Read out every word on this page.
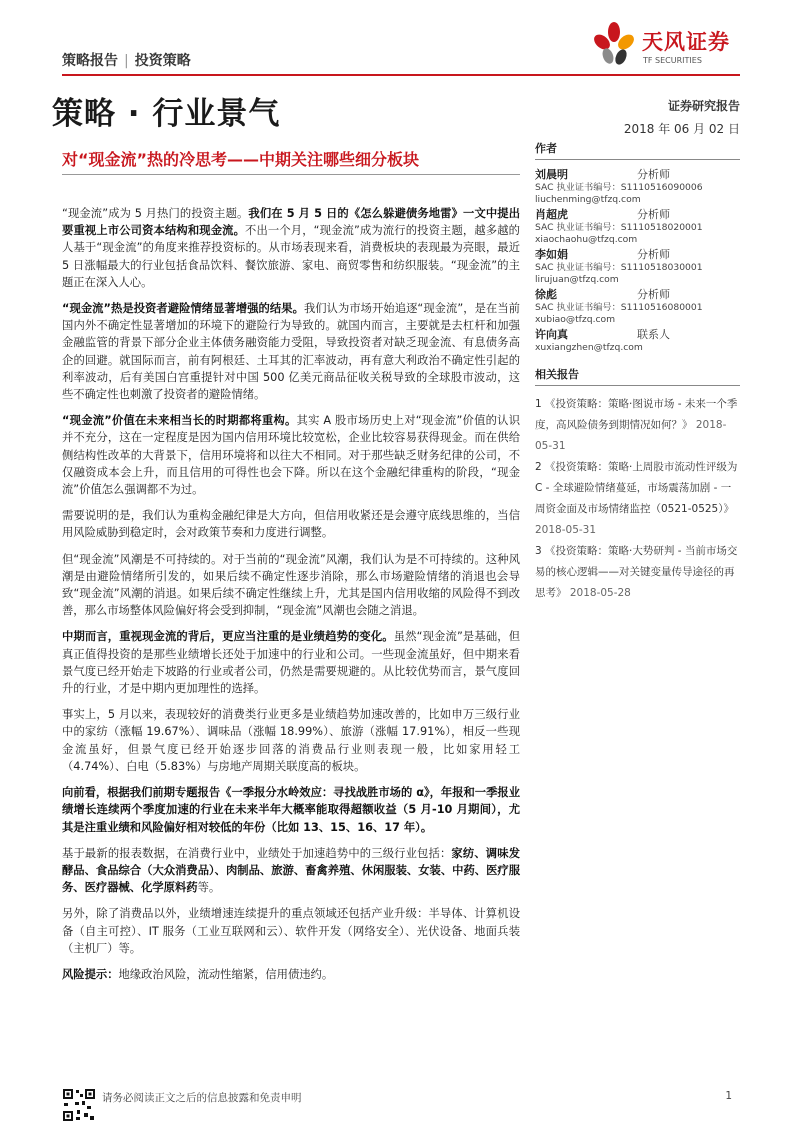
策略报告 | 投资策略
天风证券
TF SECURITIES
策略 · 行业景气	证券研究报告
2018 年 06 月 02 日
对“现金流”热的冷思考——中期关注哪些细分板块

“现金流”成为 5 月热门的投资主题。我们在 5 月 5 日的《怎么躲避债务地雷》一文中提出要重视上市公司资本结构和现金流。不出一个月，“现金流”成为流行的投资主题，越多越的人基于“现金流”的角度来推荐投资标的。从市场表现来看，消费板块的表现最为亮眼，最近 5 日涨幅最大的行业包括食品饮料、餐饮旅游、家电、商贸零售和纺织服装。“现金流”的主题正在深入人心。

“现金流”热是投资者避险情绪显著增强的结果。我们认为市场开始追逐“现金流”，是在当前国内外不确定性显著增加的环境下的避险行为导致的。就国内而言，主要就是去杠杆和加强金融监管的背景下部分企业主体债务融资能力受阻，导致投资者对缺乏现金流、有息债务高企的回避。就国际而言，前有阿根廷、土耳其的汇率波动，再有意大利政治不确定性引起的利率波动，后有美国白宫重提针对中国 500 亿美元商品征收关税导致的全球股市波动，这些不确定性也刺激了投资者的避险情绪。

“现金流”价值在未来相当长的时期都将重构。其实 A 股市场历史上对“现金流”价值的认识并不充分，这在一定程度是因为国内信用环境比较宽松，企业比较容易获得现金。而在供给侧结构性改革的大背景下，信用环境将和以往大不相同。对于那些缺乏财务纪律的公司，不仅融资成本会上升，而且信用的可得性也会下降。所以在这个金融纪律重构的阶段，“现金流”价值怎么强调都不为过。

需要说明的是，我们认为重构金融纪律是大方向，但信用收紧还是会遵守底线思维的，当信用风险威胁到稳定时，会对政策节奏和力度进行调整。

但“现金流”风潮是不可持续的。对于当前的“现金流”风潮，我们认为是不可持续的。这种风潮是由避险情绪所引发的，如果后续不确定性逐步消除，那么市场避险情绪的消退也会导致“现金流”风潮的消退。如果后续不确定性继续上升，尤其是国内信用收缩的风险得不到改善，那么市场整体风险偏好将会受到抑制，“现金流”风潮也会随之消退。

中期而言，重视现金流的背后，更应当注重的是业绩趋势的变化。虽然“现金流”是基础，但真正值得投资的是那些业绩增长还处于加速中的行业和公司。一些现金流虽好，但中期来看景气度已经开始走下坡路的行业或者公司，仍然是需要规避的。从比较优势而言，景气度回升的行业，才是中期内更加理性的选择。

事实上，5 月以来，表现较好的消费类行业更多是业绩趋势加速改善的，比如申万三级行业中的家纺（涨幅 19.67%）、调味品（涨幅 18.99%）、旅游（涨幅 17.91%），相反一些现金流虽好，但景气度已经开始逐步回落的消费品行业则表现一般，比如家用轻工（4.74%）、白电（5.83%）与房地产周期关联度高的板块。

向前看，根据我们前期专题报告《一季报分水岭效应：寻找战胜市场的 α》，年报和一季报业绩增长连续两个季度加速的行业在未来半年大概率能取得超额收益（5 月-10 月期间），尤其是注重业绩和风险偏好相对较低的年份（比如 13、15、16、17 年）。

基于最新的报表数据，在消费行业中，业绩处于加速趋势中的三级行业包括：家纺、调味发酵品、食品综合（大众消费品）、肉制品、旅游、畜禽养殖、休闲服装、女装、中药、医疗服务、医疗器械、化学原料药等。

另外，除了消费品以外，业绩增速连续提升的重点领域还包括产业升级：半导体、计算机设备（自主可控）、IT 服务（工业互联网和云）、软件开发（网络安全）、光伏设备、地面兵装（主机厂）等。

风险提示：地缘政治风险，流动性缩紧，信用债违约。

作者
刘晨明	分析师
SAC 执业证书编号：S1110516090006
liuchenming@tfzq.com
肖超虎	分析师
SAC 执业证书编号：S1110518020001
xiaochaohu@tfzq.com
李如娟	分析师
SAC 执业证书编号：S1110518030001
lirujuan@tfzq.com
徐彪	分析师
SAC 执业证书编号：S1110516080001
xubiao@tfzq.com
许向真	联系人
xuxiangzhen@tfzq.com
相关报告
1 《投资策略：策略·图说市场 - 未来一个季度，高风险债务到期情况如何？》 2018-05-31
2 《投资策略：策略·上周股市流动性评级为 C - 全球避险情绪蔓延，市场震荡加剧 - 一周资金面及市场情绪监控（0521-0525）》 2018-05-31
3 《投资策略：策略·大势研判 - 当前市场交易的核心逻辑——对关键变量传导途径的再思考》 2018-05-28
请务必阅读正文之后的信息披露和免责申明	1
